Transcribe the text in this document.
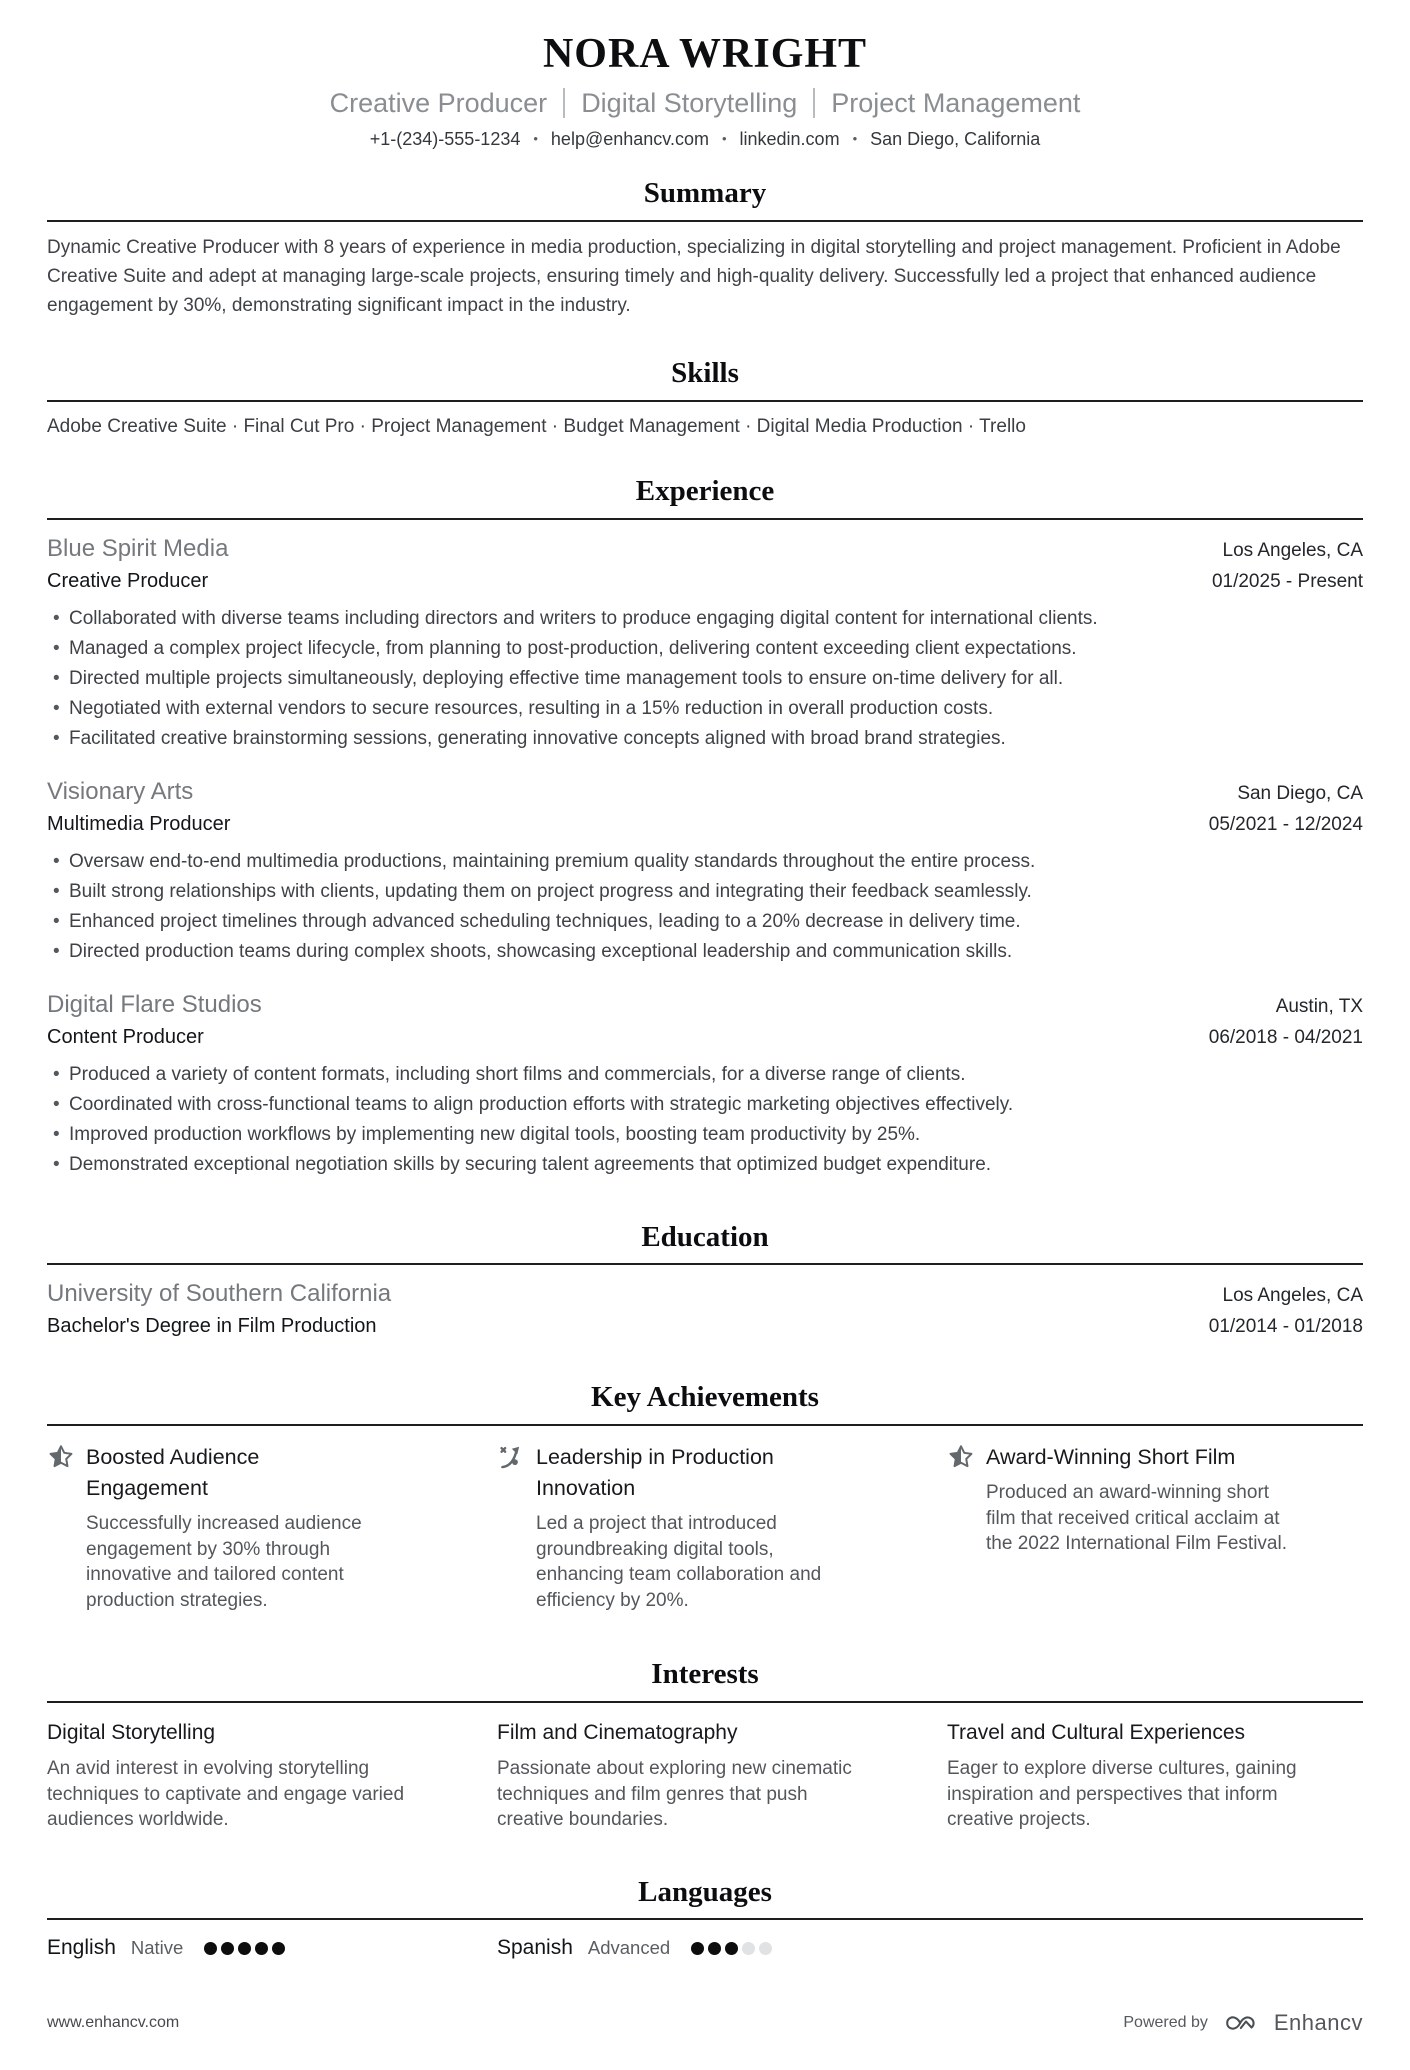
NORA WRIGHT
Creative Producer Digital Storytelling Project Management
+1-(234)-555-1234 • help@enhancv.com • linkedin.com • San Diego, California
Summary

Dynamic Creative Producer with 8 years of experience in media production, specializing in digital storytelling and project management. Proficient in Adobe Creative Suite and adept at managing large-scale projects, ensuring timely and high-quality delivery. Successfully led a project that enhanced audience engagement by 30%, demonstrating significant impact in the industry.

Skills
Adobe Creative Suite · Final Cut Pro · Project Management · Budget Management · Digital Media Production · Trello
Experience
Blue Spirit Media	Los Angeles, CA
Creative Producer	01/2025 - Present
• Collaborated with diverse teams including directors and writers to produce engaging digital content for international clients.
• Managed a complex project lifecycle, from planning to post-production, delivering content exceeding client expectations.
• Directed multiple projects simultaneously, deploying effective time management tools to ensure on-time delivery for all.
• Negotiated with external vendors to secure resources, resulting in a 15% reduction in overall production costs.
• Facilitated creative brainstorming sessions, generating innovative concepts aligned with broad brand strategies.
Visionary Arts	San Diego, CA
Multimedia Producer	05/2021 - 12/2024
• Oversaw end-to-end multimedia productions, maintaining premium quality standards throughout the entire process.
• Built strong relationships with clients, updating them on project progress and integrating their feedback seamlessly.
• Enhanced project timelines through advanced scheduling techniques, leading to a 20% decrease in delivery time.
• Directed production teams during complex shoots, showcasing exceptional leadership and communication skills.
Digital Flare Studios	Austin, TX
Content Producer	06/2018 - 04/2021
• Produced a variety of content formats, including short films and commercials, for a diverse range of clients.
• Coordinated with cross-functional teams to align production efforts with strategic marketing objectives effectively.
• Improved production workflows by implementing new digital tools, boosting team productivity by 25%.
• Demonstrated exceptional negotiation skills by securing talent agreements that optimized budget expenditure.
Education
University of Southern California	Los Angeles, CA
Bachelor's Degree in Film Production	01/2014 - 01/2018
Key Achievements
Boosted Audience Engagement

Successfully increased audience engagement by 30% through innovative and tailored content production strategies.

Leadership in Production Innovation

Led a project that introduced groundbreaking digital tools, enhancing team collaboration and efficiency by 20%.

Award-Winning Short Film

Produced an award-winning short film that received critical acclaim at the 2022 International Film Festival.

Interests
Digital Storytelling

An avid interest in evolving storytelling techniques to captivate and engage varied audiences worldwide.

Film and Cinematography

Passionate about exploring new cinematic techniques and film genres that push creative boundaries.

Travel and Cultural Experiences

Eager to explore diverse cultures, gaining inspiration and perspectives that inform creative projects.

Languages
English Native	Spanish Advanced
www.enhancv.com	Powered by	Enhancv
